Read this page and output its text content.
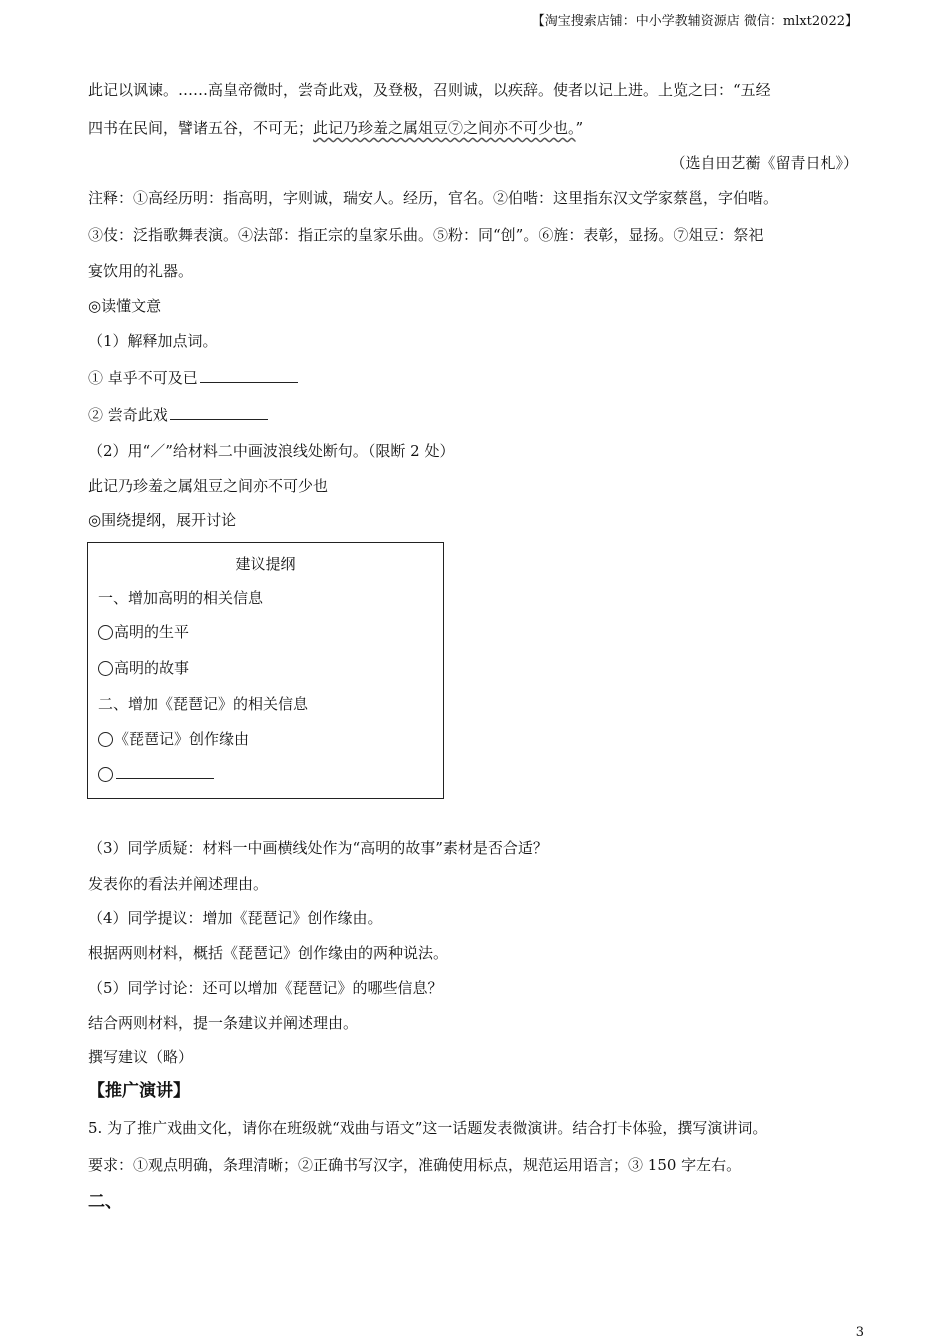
【淘宝搜索店铺：中小学教辅资源店 微信：mlxt2022】
此记以讽谏。……高皇帝微时，尝奇此戏，及登极，召则诚，以疾辞。使者以记上进。上览之曰：“五经
四书在民间，譬诸五谷，不可无；此记乃珍羞之属俎豆⑦之间亦不可少也。”
（选自田艺蘅《留青日札》）
注释：①高经历明：指高明，字则诚，瑞安人。经历，官名。②伯喈：这里指东汉文学家蔡邕，字伯喈。
③伎：泛指歌舞表演。④法部：指正宗的皇家乐曲。⑤粉：同“创”。⑥旌：表彰，显扬。⑦俎豆：祭祀
宴饮用的礼器。
◎读懂文意
（1）解释加点词。
① 卓乎不可及已
② 尝奇此戏
（2）用“／”给材料二中画波浪线处断句。（限断 2 处）
此记乃珍羞之属俎豆之间亦不可少也
◎围绕提纲，展开讨论
建议提纲
一、增加高明的相关信息
高明的生平
高明的故事
二、增加《琵琶记》的相关信息
《琵琶记》创作缘由
（3）同学质疑：材料一中画横线处作为“高明的故事”素材是否合适？
发表你的看法并阐述理由。
（4）同学提议：增加《琵琶记》创作缘由。
根据两则材料，概括《琵琶记》创作缘由的两种说法。
（5）同学讨论：还可以增加《琵琶记》的哪些信息？
结合两则材料，提一条建议并阐述理由。
撰写建议（略）
【推广演讲】
5. 为了推广戏曲文化，请你在班级就“戏曲与语文”这一话题发表微演讲。结合打卡体验，撰写演讲词。
要求：①观点明确，条理清晰；②正确书写汉字，准确使用标点，规范运用语言；③ 150 字左右。
二、
3
